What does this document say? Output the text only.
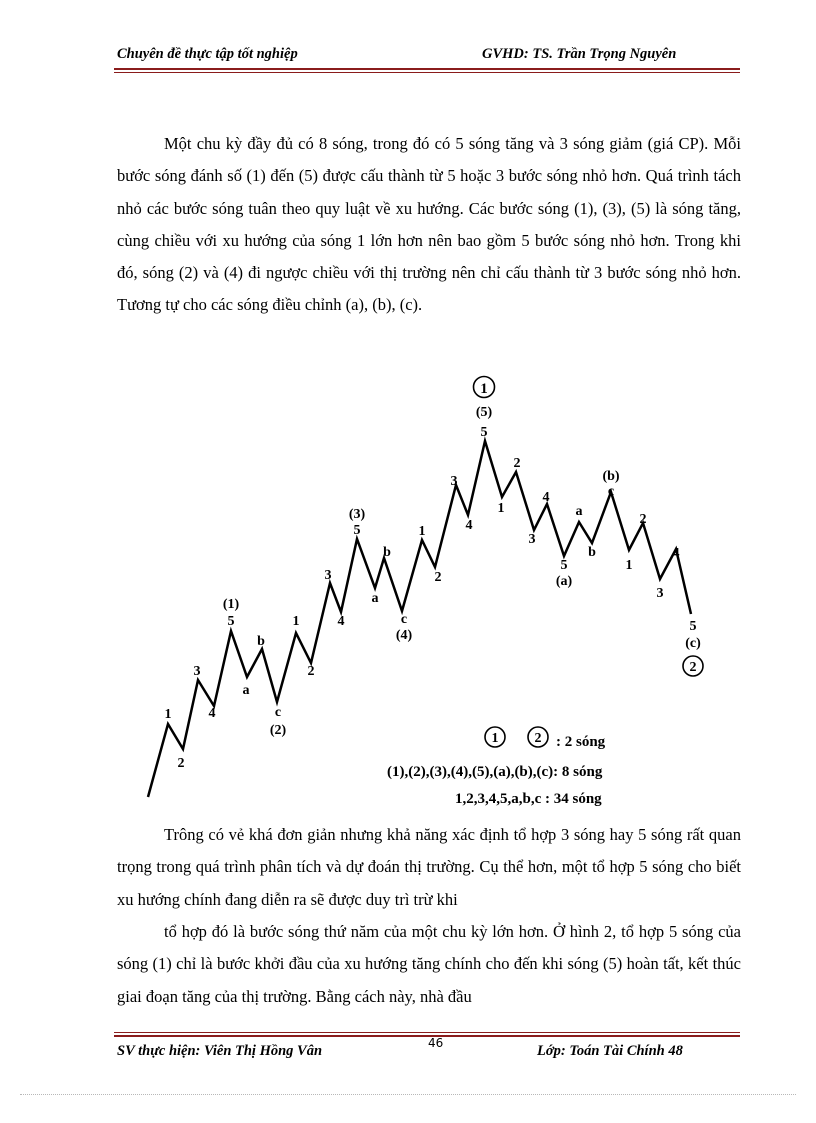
Chuyên đề thực tập tốt nghiệp	GVHD: TS. Trần Trọng Nguyên

Một chu kỳ đầy đủ có 8 sóng, trong đó có 5 sóng tăng và 3 sóng giảm (giá CP). Mỗi bước sóng đánh số (1) đến (5) được cấu thành từ 5 hoặc 3 bước sóng nhỏ hơn. Quá trình tách nhỏ các bước sóng tuân theo quy luật về xu hướng. Các bước sóng (1), (3), (5) là sóng tăng, cùng chiều với xu hướng của sóng 1 lớn hơn nên bao gồm 5 bước sóng nhỏ hơn. Trong khi đó, sóng (2) và (4) đi ngược chiều với thị trường nên chỉ cấu thành từ 3 bước sóng nhỏ hơn. Tương tự cho các sóng điều chỉnh (a), (b), (c).

1
(5)
5
1
2
3
4
5
(1)
a
b
c
(2)
1
2
3
4
5
(3)
a
b
c
(4)
1
2
3
4
1
2
3
4
5
(a)
a
b
c
(b)
1
2
3
4
5
(c)
2
1	2 : 2 sóng
(1),(2),(3),(4),(5),(a),(b),(c): 8 sóng
1,2,3,4,5,a,b,c : 34 sóng

Trông có vẻ khá đơn giản nhưng khả năng xác định tổ hợp 3 sóng hay 5 sóng rất quan trọng trong quá trình phân tích và dự đoán thị trường. Cụ thể hơn, một tổ hợp 5 sóng cho biết xu hướng chính đang diễn ra sẽ được duy trì trừ khi

tổ hợp đó là bước sóng thứ năm của một chu kỳ lớn hơn. Ở hình 2, tổ hợp 5 sóng của sóng (1) chỉ là bước khởi đầu của xu hướng tăng chính cho đến khi sóng (5) hoàn tất, kết thúc giai đoạn tăng của thị trường. Bằng cách này, nhà đầu

46
SV thực hiện: Viên Thị Hồng Vân	Lớp: Toán Tài Chính 48
